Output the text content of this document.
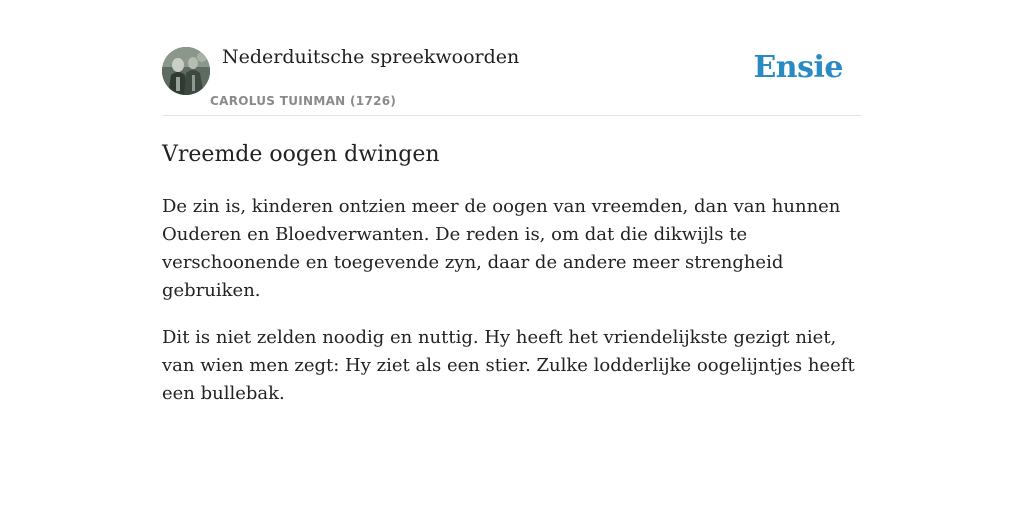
Nederduitsche spreekwoorden
CAROLUS TUINMAN (1726)
Ensie
Vreemde oogen dwingen

De zin is, kinderen ontzien meer de oogen van vreemden, dan van hunnen Ouderen en Bloedverwanten. De reden is, om dat die dikwijls te verschoonende en toegevende zyn, daar de andere meer strengheid gebruiken.

Dit is niet zelden noodig en nuttig. Hy heeft het vriendelijkste gezigt niet, van wien men zegt: Hy ziet als een stier. Zulke lodderlijke oogelijntjes heeft een bullebak.
